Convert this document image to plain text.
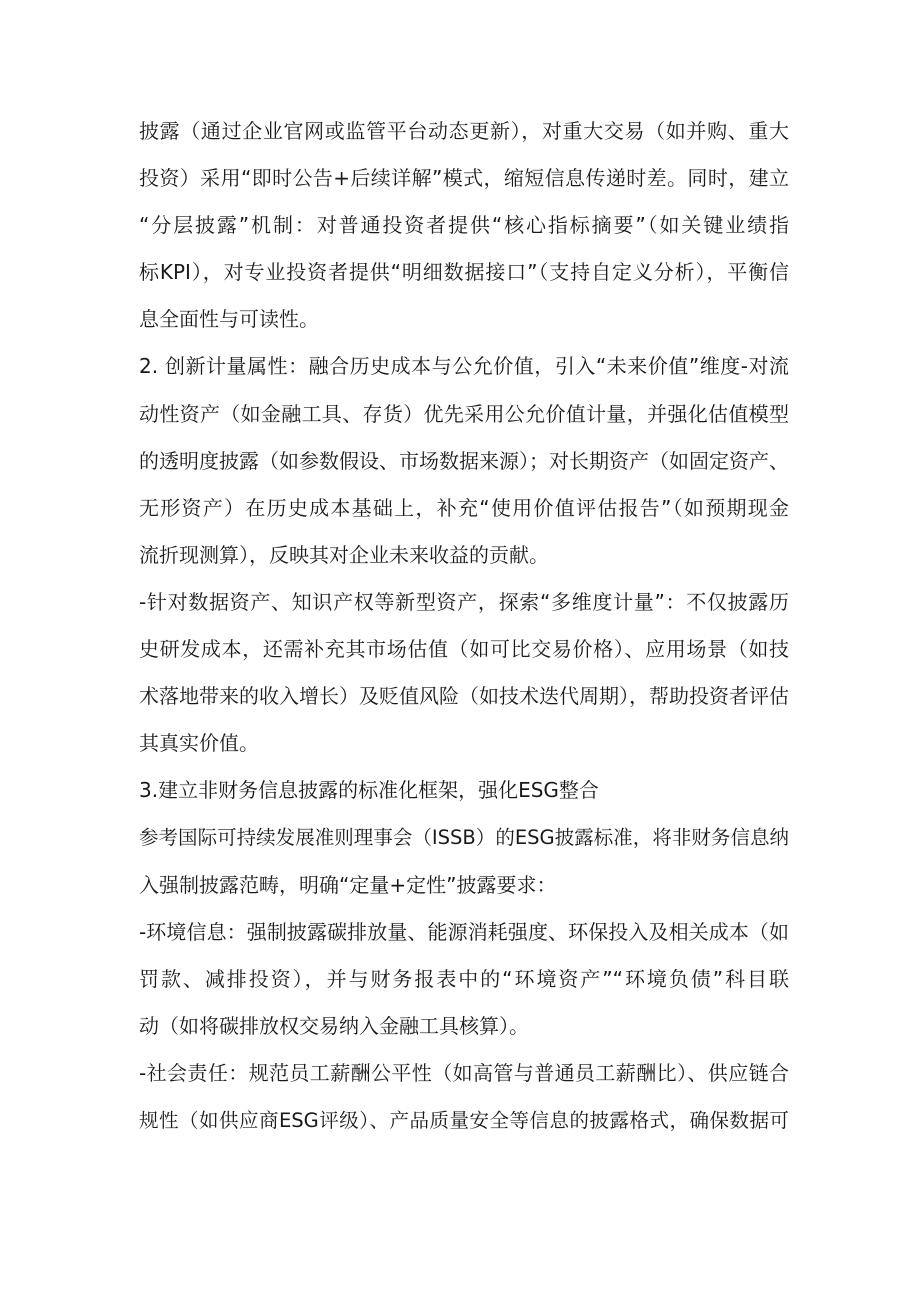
披露（通过企业官网或监管平台动态更新），对重大交易（如并购、重大
投资）采用“即时公告+后续详解”模式，缩短信息传递时差。同时，建立
“分层披露”机制：对普通投资者提供“核心指标摘要”（如关键业绩指
标KPI），对专业投资者提供“明细数据接口”（支持自定义分析），平衡信
息全面性与可读性。
2. 创新计量属性：融合历史成本与公允价值，引入“未来价值”维度-对流
动性资产（如金融工具、存货）优先采用公允价值计量，并强化估值模型
的透明度披露（如参数假设、市场数据来源）；对长期资产（如固定资产、
无形资产）在历史成本基础上，补充“使用价值评估报告”（如预期现金
流折现测算），反映其对企业未来收益的贡献。
-针对数据资产、知识产权等新型资产，探索“多维度计量”：不仅披露历
史研发成本，还需补充其市场估值（如可比交易价格）、应用场景（如技
术落地带来的收入增长）及贬值风险（如技术迭代周期），帮助投资者评估
其真实价值。
3.建立非财务信息披露的标准化框架，强化ESG整合
参考国际可持续发展准则理事会（ISSB）的ESG披露标准，将非财务信息纳
入强制披露范畴，明确“定量+定性”披露要求：
-环境信息：强制披露碳排放量、能源消耗强度、环保投入及相关成本（如
罚款、减排投资），并与财务报表中的“环境资产”“环境负债”科目联
动（如将碳排放权交易纳入金融工具核算）。
-社会责任：规范员工薪酬公平性（如高管与普通员工薪酬比）、供应链合
规性（如供应商ESG评级）、产品质量安全等信息的披露格式，确保数据可
